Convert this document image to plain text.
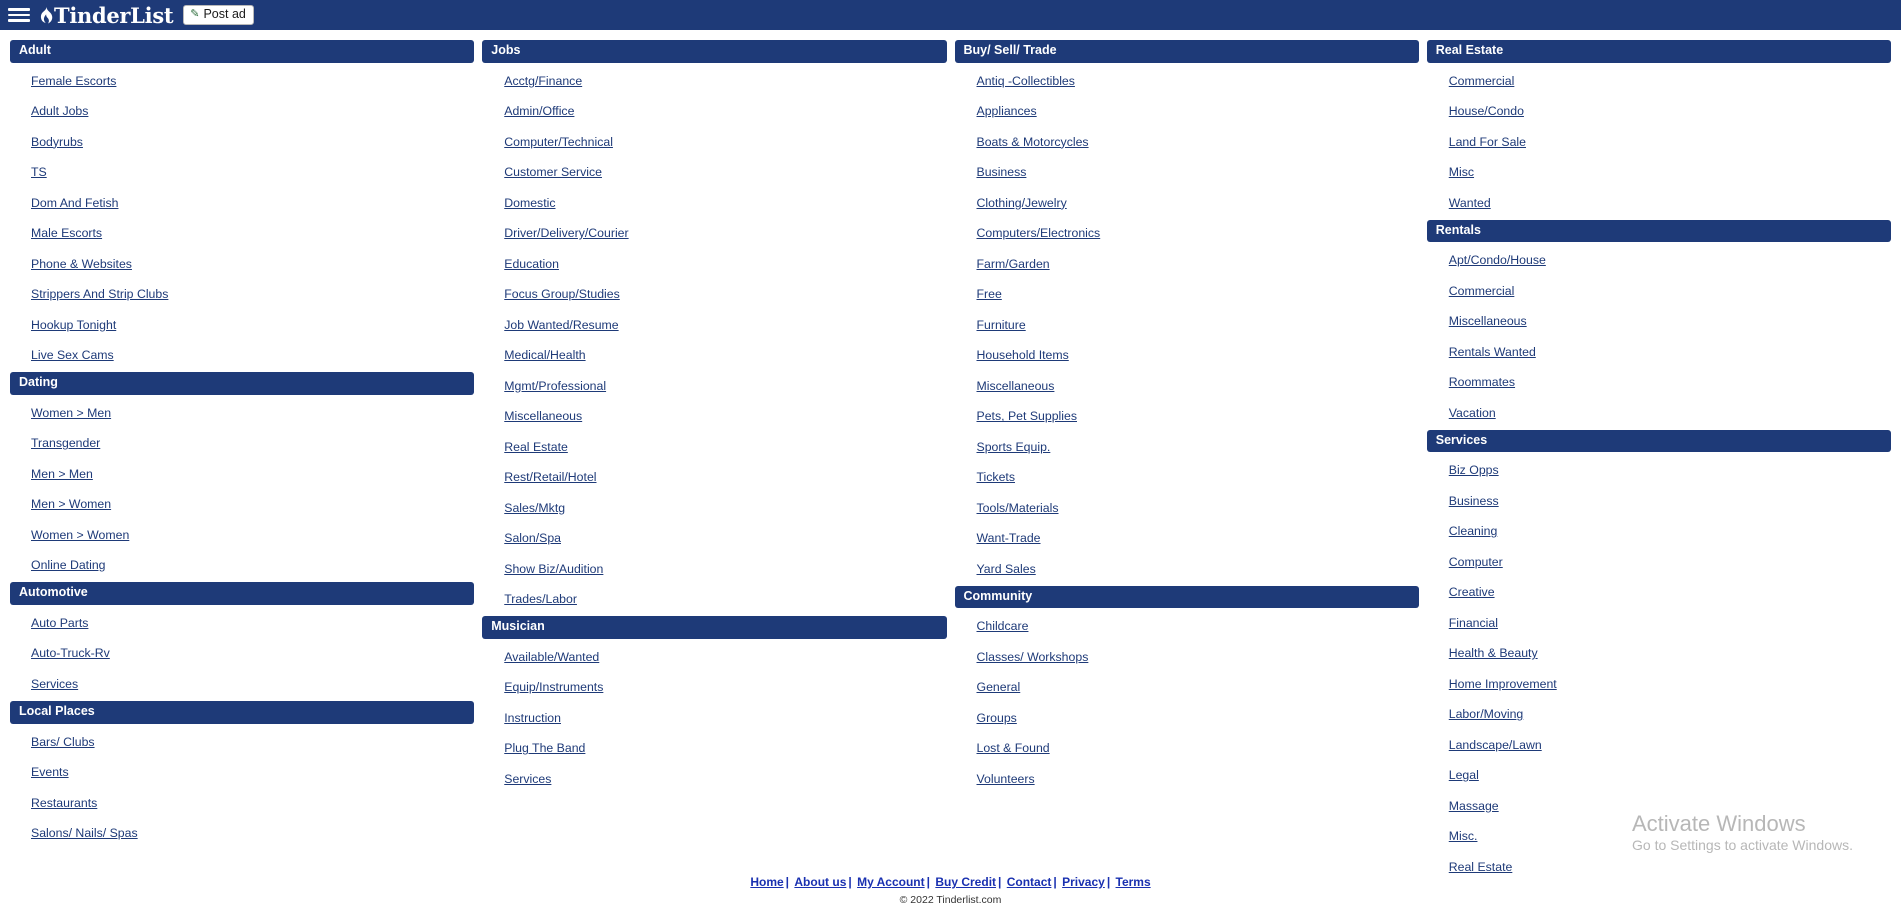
TinderList ✎ Post ad
Adult
Female Escorts
Adult Jobs
Bodyrubs
TS
Dom And Fetish
Male Escorts
Phone & Websites
Strippers And Strip Clubs
Hookup Tonight
Live Sex Cams
Dating
Women > Men
Transgender
Men > Men
Men > Women
Women > Women
Online Dating
Automotive
Auto Parts
Auto-Truck-Rv
Services
Local Places
Bars/ Clubs
Events
Restaurants
Salons/ Nails/ Spas
Jobs
Acctg/Finance
Admin/Office
Computer/Technical
Customer Service
Domestic
Driver/Delivery/Courier
Education
Focus Group/Studies
Job Wanted/Resume
Medical/Health
Mgmt/Professional
Miscellaneous
Real Estate
Rest/Retail/Hotel
Sales/Mktg
Salon/Spa
Show Biz/Audition
Trades/Labor
Musician
Available/Wanted
Equip/Instruments
Instruction
Plug The Band
Services
Buy/ Sell/ Trade
Antiq -Collectibles
Appliances
Boats & Motorcycles
Business
Clothing/Jewelry
Computers/Electronics
Farm/Garden
Free
Furniture
Household Items
Miscellaneous
Pets, Pet Supplies
Sports Equip.
Tickets
Tools/Materials
Want-Trade
Yard Sales
Community
Childcare
Classes/ Workshops
General
Groups
Lost & Found
Volunteers
Real Estate
Commercial
House/Condo
Land For Sale
Misc
Wanted
Rentals
Apt/Condo/House
Commercial
Miscellaneous
Rentals Wanted
Roommates
Vacation
Services
Biz Opps
Business
Cleaning
Computer
Creative
Financial
Health & Beauty
Home Improvement
Labor/Moving
Landscape/Lawn
Legal
Massage
Misc.
Real Estate
Activate Windows
Go to Settings to activate Windows.
Home | About us | My Account | Buy Credit | Contact | Privacy | Terms
© 2022 Tinderlist.com
